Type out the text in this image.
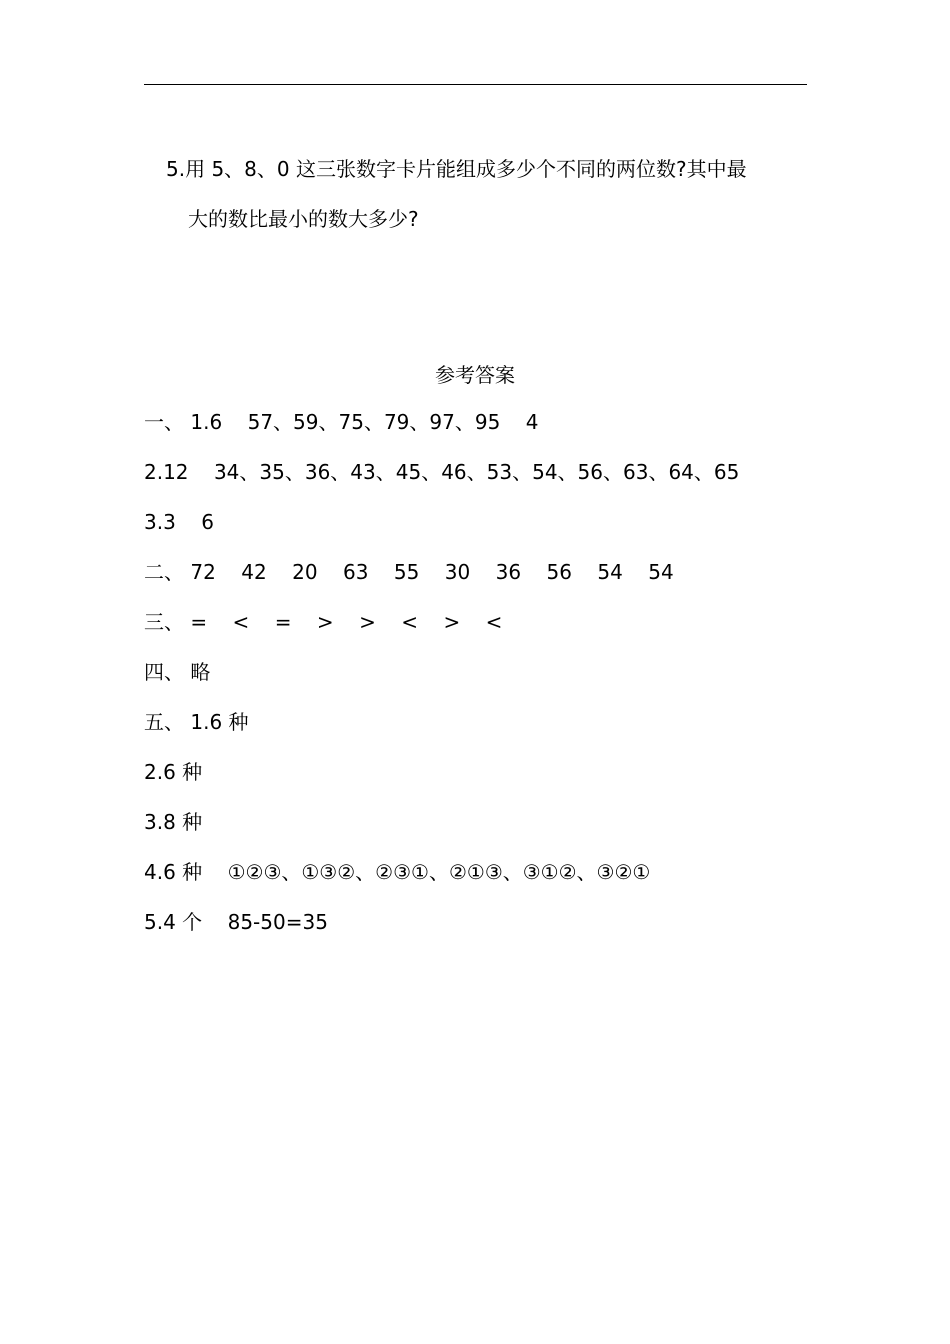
5.用 5、8、0 这三张数字卡片能组成多少个不同的两位数?其中最
大的数比最小的数大多少?
参考答案
一、 1.6    57、59、75、79、97、95    4
2.12    34、35、36、43、45、46、53、54、56、63、64、65
3.3    6
二、 72    42    20    63    55    30    36    56    54    54
三、 =    <    =    >    >    <    >    <
四、 略
五、 1.6 种
2.6 种
3.8 种
4.6 种    ①②③、①③②、②③①、②①③、③①②、③②①
5.4 个    85-50=35
